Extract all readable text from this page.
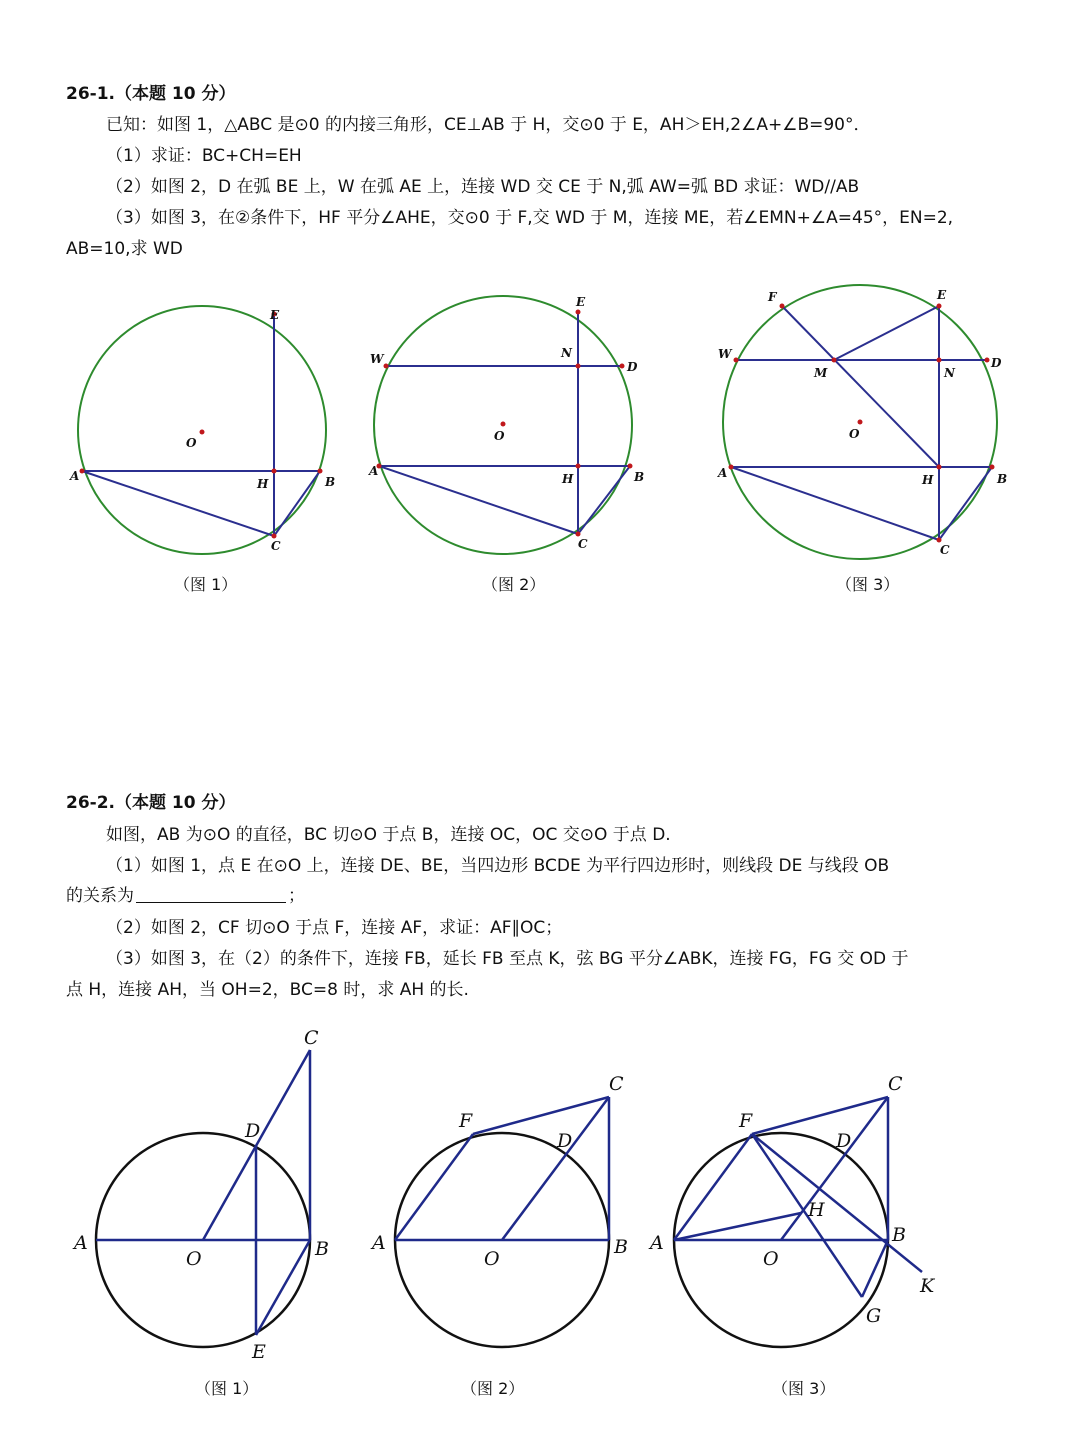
26-1.（本题 10 分）
已知：如图 1，△ABC 是⊙0 的内接三角形，CE⊥AB 于 H，交⊙0 于 E，AH＞EH,2∠A+∠B=90°．
（1）求证：BC+CH=EH
（2）如图 2，D 在弧 BE 上，W 在弧 AE 上，连接 WD 交 CE 于 N,弧 AW=弧 BD 求证：WD//AB
（3）如图 3，在②条件下，HF 平分∠AHE，交⊙0 于 F,交 WD 于 M，连接 ME，若∠EMN+∠A=45°，EN=2,
AB=10,求 WD
E
O
A
H	B
C
E
W	N
D
O
A
H	B
C
F	E
W
M	N
D
O
A	H	B
C
（图 1）	（图 2）	（图 3）
26-2.（本题 10 分）
如图，AB 为⊙O 的直径，BC 切⊙O 于点 B，连接 OC，OC 交⊙O 于点 D.
（1）如图 1，点 E 在⊙O 上，连接 DE、BE，当四边形 BCDE 为平行四边形时，则线段 DE 与线段 OB
的关系为	；
（2）如图 2，CF 切⊙O 于点 F，连接 AF，求证：AF∥OC；
（3）如图 3，在（2）的条件下，连接 FB，延长 FB 至点 K，弦 BG 平分∠ABK，连接 FG，FG 交 OD 于
点 H，连接 AH，当 OH=2，BC=8 时，求 AH 的长.
C
D
A
O	B
E
C
F
D
A
O
B
C
F
D
H
A
O
B
K
G
（图 1）	（图 2）	（图 3）
